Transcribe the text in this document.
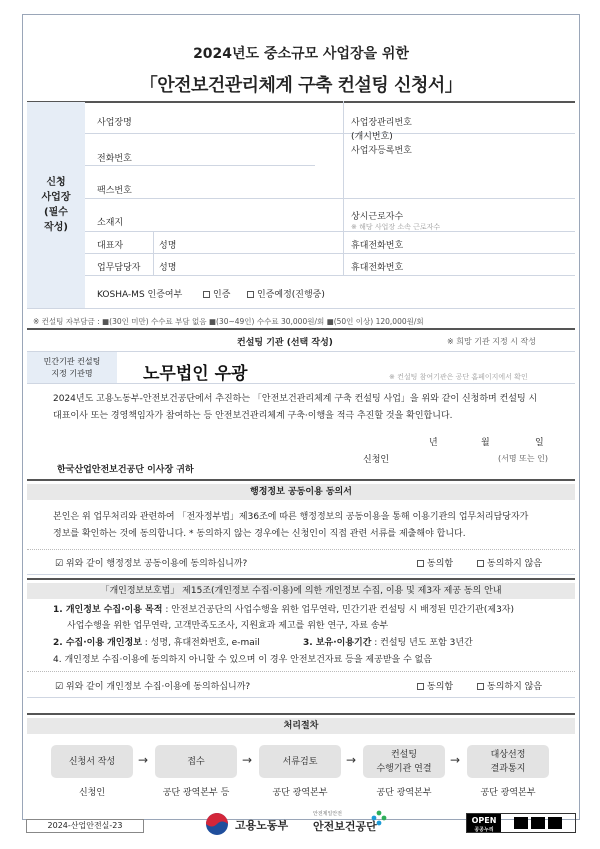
2024년도 중소규모 사업장을 위한
「안전보건관리체계 구축 컨설팅 신청서」
신청
사업장
(필수
작성)
사업장명	사업장관리번호
(개시번호)
사업자등록번호
전화번호
팩스번호
소재지
상시근로자수
※ 해당 사업장 소속 근로자수
대표자	성명	휴대전화번호
업무담당자 성명	휴대전화번호
KOSHA-MS 인증여부	인증	인증예정(진행중)
※ 컨설팅 자부담금 : ■(30인 미만) 수수료 부담 없음 ■(30~49인) 수수료 30,000원/회 ■(50인 이상) 120,000원/회
컨설팅 기관 (선택 작성)	※ 희망 기관 지정 시 작성
민간기관 컨설팅
지정 기관명	노무법인 우광	※ 컨설팅 참여기관은 공단 홈페이지에서 확인
2024년도 고용노동부-안전보건공단에서 추진하는 「안전보건관리체계 구축 컨설팅 사업」을 위와 같이 신청하며 컨설팅 시
대표이사 또는 경영책임자가 참여하는 등 안전보건관리체계 구축·이행을 적극 추진할 것을 확인합니다.
년	월	일
신청인	(서명 또는 인)
한국산업안전보건공단 이사장 귀하
행정정보 공동이용 동의서
본인은 위 업무처리와 관련하여 「전자정부법」제36조에 따른 행정정보의 공동이용을 통해 이용기관의 업무처리담당자가
정보를 확인하는 것에 동의합니다. * 동의하지 않는 경우에는 신청인이 직접 관련 서류를 제출해야 합니다.
☑ 위와 같이 행정정보 공동이용에 동의하십니까?	동의함	동의하지 않음
「개인정보보호법」 제15조(개인정보 수집·이용)에 의한 개인정보 수집, 이용 및 제3자 제공 동의 안내
1. 개인정보 수집·이용 목적 : 안전보건공단의 사업수행을 위한 업무연락, 민간기관 컨설팅 시 배정된 민간기관(제3자)
사업수행을 위한 업무연락, 고객만족도조사, 지원효과 제고를 위한 연구, 자료 송부
2. 수집·이용 개인정보 : 성명, 휴대전화번호, e-mail	3. 보유·이용기간 : 컨설팅 년도 포함 3년간
4. 개인정보 수집·이용에 동의하지 아니할 수 있으며 이 경우 안전보건자료 등을 제공받을 수 없음
☑ 위와 같이 개인정보 수집·이용에 동의하십니까?	동의함	동의하지 않음
처리절차
신청서 작성	접수	서류검토
컨설팅
수행기관 연결
대상선정
결과통지
→	→	→	→
신청인	공단 광역본부 등	공단 광역본부	공단 광역본부	공단 광역본부
2024-산업안전실-23	고용노동부
안전제일안전
안전보건공단	OPEN
공공누리
